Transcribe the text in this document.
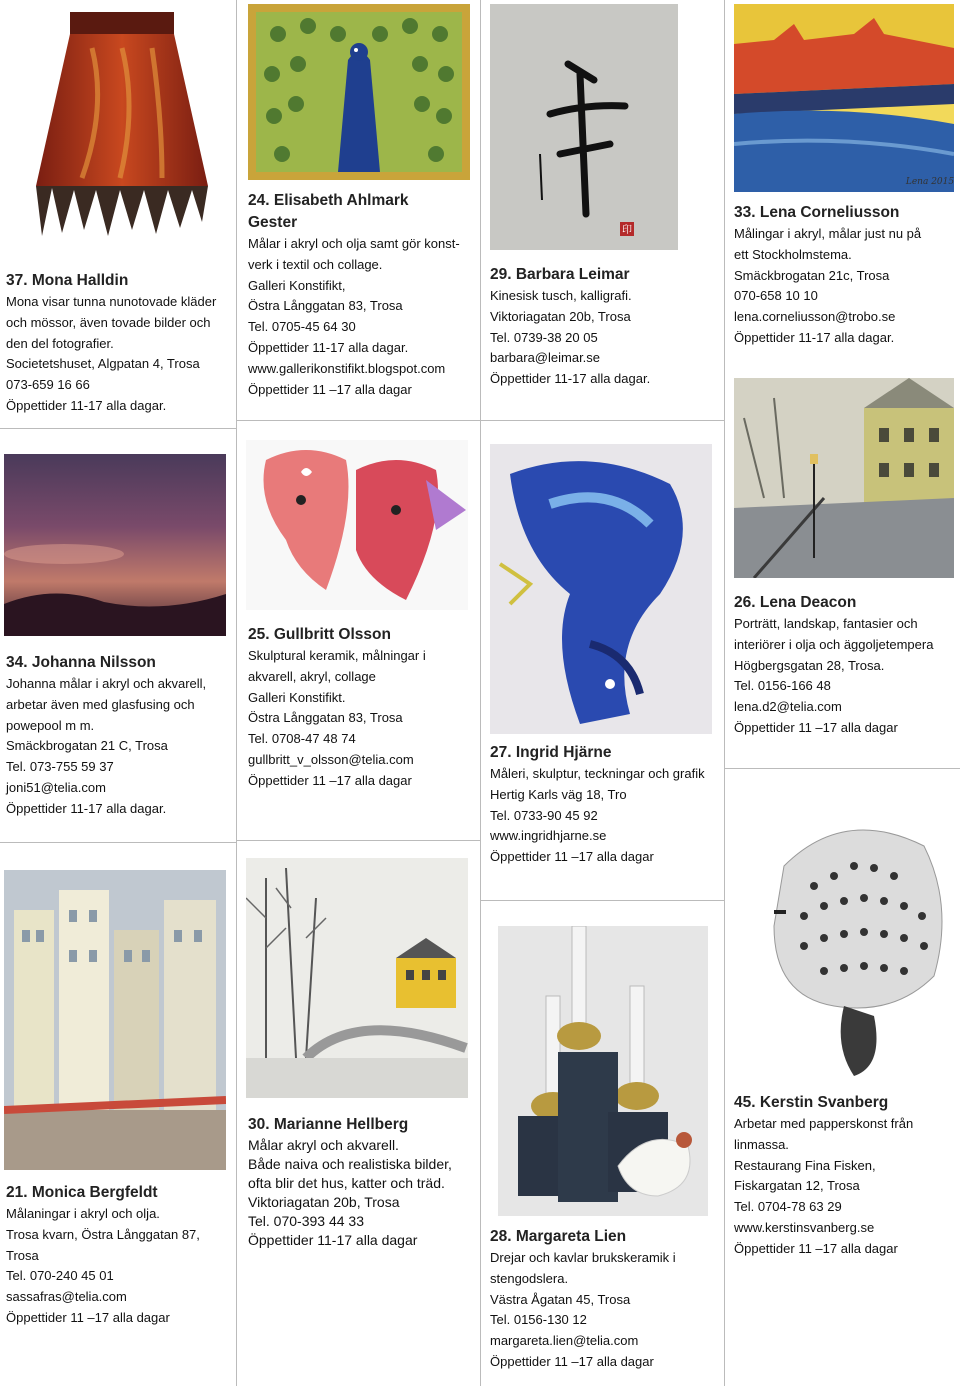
印
Lena 2015
37. Mona Halldin
Mona visar tunna nunotovade kläder
och mössor, även tovade bilder och
den del fotografier.
Societetshuset, Algpatan 4, Trosa
073-659 16 66
Öppettider 11-17 alla dagar.
24. Elisabeth Ahlmark
Gester
Målar i akryl och olja samt gör konst-
verk i textil och collage.
Galleri Konstifikt,
Östra Långgatan 83, Trosa
Tel. 0705-45 64 30
Öppettider 11-17 alla dagar.
www.gallerikonstifikt.blogspot.com
Öppettider 11 –17 alla dagar
29. Barbara Leimar
Kinesisk tusch, kalligrafi.
Viktoriagatan 20b, Trosa
Tel. 0739-38 20 05
barbara@leimar.se
Öppettider 11-17 alla dagar.
33. Lena Corneliusson
Målingar i akryl, målar just nu på
ett Stockholmstema.
Smäckbrogatan 21c, Trosa
070-658 10 10
lena.corneliusson@trobo.se
Öppettider 11-17 alla dagar.
34. Johanna Nilsson
Johanna målar i akryl och akvarell,
arbetar även med glasfusing och
powepool m m.
Smäckbrogatan 21 C, Trosa
Tel. 073-755 59 37
joni51@telia.com
Öppettider 11-17 alla dagar.
25. Gullbritt Olsson
Skulptural keramik, målningar i
akvarell, akryl, collage
Galleri Konstifikt.
Östra Långgatan 83, Trosa
Tel. 0708-47 48 74
gullbritt_v_olsson@telia.com
Öppettider 11 –17 alla dagar
27. Ingrid Hjärne
Måleri, skulptur, teckningar och grafik
Hertig Karls väg 18, Tro
Tel. 0733-90 45 92
www.ingridhjarne.se
Öppettider 11 –17 alla dagar
26. Lena Deacon
Porträtt, landskap, fantasier och
interiörer i olja och äggoljetempera
Högbergsgatan 28, Trosa.
Tel. 0156-166 48
lena.d2@telia.com
Öppettider 11 –17 alla dagar
21. Monica Bergfeldt
Målaningar i akryl och olja.
Trosa kvarn, Östra Långgatan 87,
Trosa
Tel. 070-240 45 01
sassafras@telia.com
Öppettider 11 –17 alla dagar
30. Marianne Hellberg
Målar akryl och akvarell.
Både naiva och realistiska bilder,
ofta blir det hus, katter och träd.
Viktoriagatan 20b, Trosa
Tel. 070-393 44 33
Öppettider 11-17 alla dagar	28. Margareta Lien
Drejar och kavlar brukskeramik i
stengodslera.
Västra Ågatan 45, Trosa
Tel. 0156-130 12
margareta.lien@telia.com
Öppettider 11 –17 alla dagar
45. Kerstin Svanberg
Arbetar med papperskonst från
linmassa.
Restaurang Fina Fisken,
Fiskargatan 12, Trosa
Tel. 0704-78 63 29
www.kerstinsvanberg.se
Öppettider 11 –17 alla dagar
